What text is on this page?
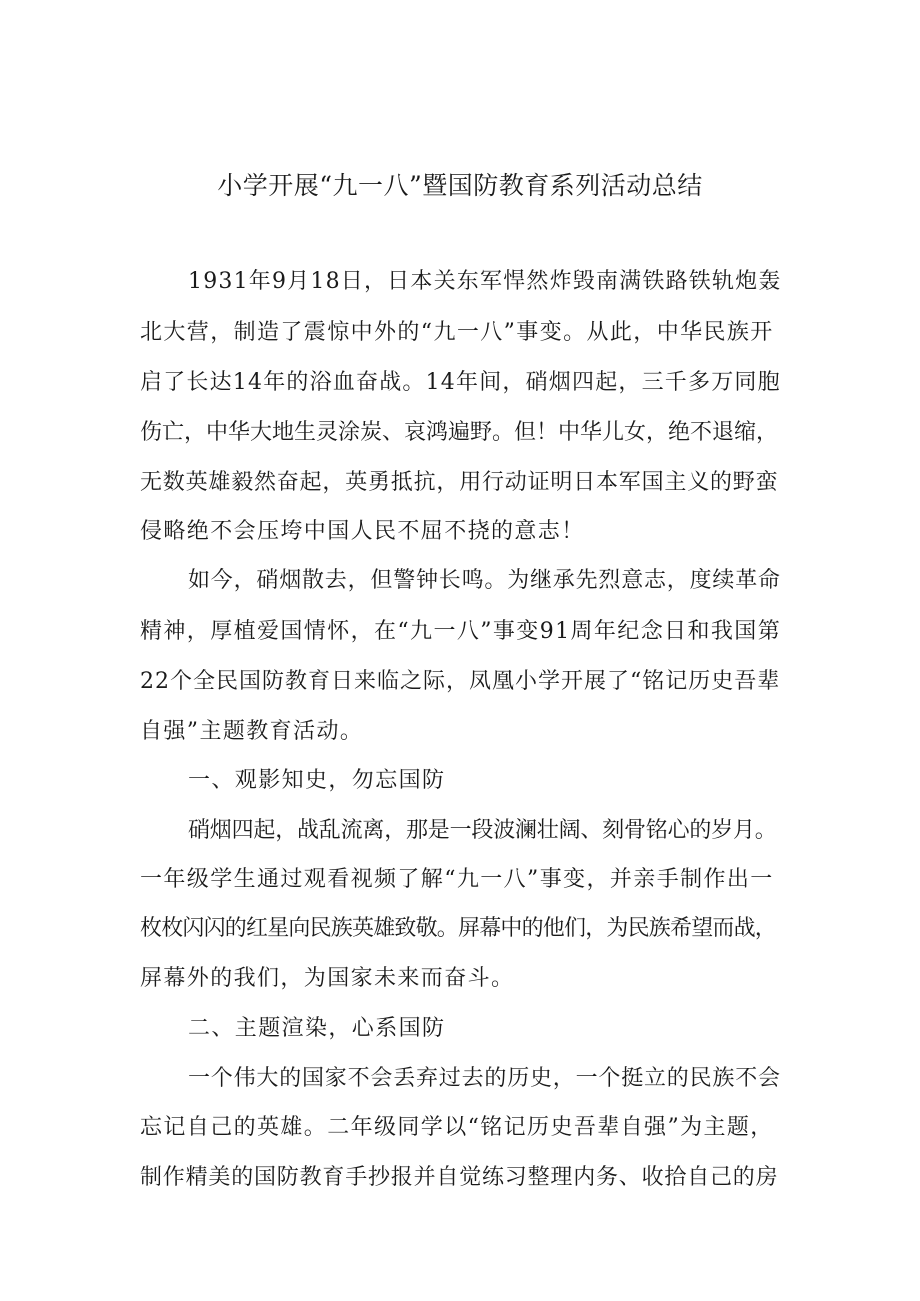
小学开展“九一八”暨国防教育系列活动总结
1931年9月18日，日本关东军悍然炸毁南满铁路铁轨炮轰
北大营，制造了震惊中外的“九一八”事变。从此，中华民族开
启了长达14年的浴血奋战。14年间，硝烟四起，三千多万同胞
伤亡，中华大地生灵涂炭、哀鸿遍野。但！中华儿女，绝不退缩，
无数英雄毅然奋起，英勇抵抗，用行动证明日本军国主义的野蛮
侵略绝不会压垮中国人民不屈不挠的意志！
如今，硝烟散去，但警钟长鸣。为继承先烈意志，度续革命
精神，厚植爱国情怀，在“九一八”事变91周年纪念日和我国第
22个全民国防教育日来临之际，凤凰小学开展了“铭记历史吾辈
自强”主题教育活动。
一、观影知史，勿忘国防
硝烟四起，战乱流离，那是一段波澜壮阔、刻骨铭心的岁月。
一年级学生通过观看视频了解“九一八”事变，并亲手制作出一
枚枚闪闪的红星向民族英雄致敬。屏幕中的他们，为民族希望而战，
屏幕外的我们，为国家未来而奋斗。
二、主题渲染，心系国防
一个伟大的国家不会丢弃过去的历史，一个挺立的民族不会
忘记自己的英雄。二年级同学以“铭记历史吾辈自强”为主题，
制作精美的国防教育手抄报并自觉练习整理内务、收拾自己的房
